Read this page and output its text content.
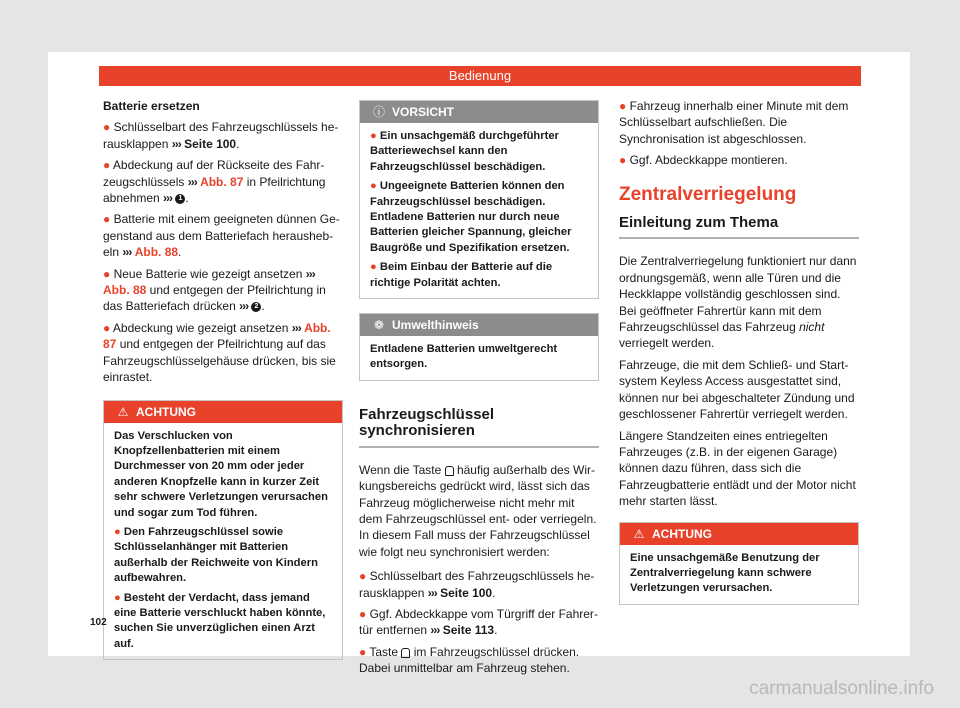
Bedienung

Batterie ersetzen

● Schlüsselbart des Fahrzeugschlüssels herausklappen ››› Seite 100.

● Abdeckung auf der Rückseite des Fahrzeugschlüssels ››› Abb. 87 in Pfeilrichtung abnehmen ››› 1 .

● Batterie mit einem geeigneten dünnen Gegenstand aus dem Batteriefach heraushebeln ››› Abb. 88.

● Neue Batterie wie gezeigt ansetzen ››› Abb. 88 und entgegen der Pfeilrichtung in das Batteriefach drücken ››› 2 .

● Abdeckung wie gezeigt ansetzen ››› Abb. 87 und entgegen der Pfeilrichtung auf das Fahrzeugschlüsselgehäuse drücken, bis sie einrastet.

⚠ ACHTUNG

Das Verschlucken von Knopfzellenbatterien mit einem Durchmesser von 20 mm oder jeder anderen Knopfzelle kann in kurzer Zeit sehr schwere Verletzungen verursachen und sogar zum Tod führen.

● Den Fahrzeugschlüssel sowie Schlüsselanhänger mit Batterien außerhalb der Reichweite von Kindern aufbewahren.

● Besteht der Verdacht, dass jemand eine Batterie verschluckt haben könnte, suchen Sie unverzüglichen einen Arzt auf.

ⓘ VORSICHT

● Ein unsachgemäß durchgeführter Batteriewechsel kann den Fahrzeugschlüssel beschädigen.

● Ungeeignete Batterien können den Fahrzeugschlüssel beschädigen. Entladene Batterien nur durch neue Batterien gleicher Spannung, gleicher Baugröße und Spezifikation ersetzen.

● Beim Einbau der Batterie auf die richtige Polarität achten.

❁ Umwelthinweis
Entladene Batterien umweltgerecht entsorgen.
Fahrzeugschlüssel synchronisieren

Wenn die Taste  häufig außerhalb des Wirkungsbereichs gedrückt wird, lässt sich das Fahrzeug möglicherweise nicht mehr mit dem Fahrzeugschlüssel ent- oder verriegeln. In diesem Fall muss der Fahrzeugschlüssel wie folgt neu synchronisiert werden:

● Schlüsselbart des Fahrzeugschlüssels herausklappen ››› Seite 100.

● Ggf. Abdeckkappe vom Türgriff der Fahrertür entfernen ››› Seite 113.

● Taste  im Fahrzeugschlüssel drücken. Dabei unmittelbar am Fahrzeug stehen.

● Fahrzeug innerhalb einer Minute mit dem Schlüsselbart aufschließen. Die Synchronisation ist abgeschlossen.

● Ggf. Abdeckkappe montieren.

Zentralverriegelung
Einleitung zum Thema

Die Zentralverriegelung funktioniert nur dann ordnungsgemäß, wenn alle Türen und die Heckklappe vollständig geschlossen sind. Bei geöffneter Fahrertür kann mit dem Fahrzeugschlüssel das Fahrzeug nicht verriegelt werden.

Fahrzeuge, die mit dem Schließ- und Startsystem Keyless Access ausgestattet sind, können nur bei abgeschalteter Zündung und geschlossener Fahrertür verriegelt werden.

Längere Standzeiten eines entriegelten Fahrzeuges (z.B. in der eigenen Garage) können dazu führen, dass sich die Fahrzeugbatterie entlädt und der Motor nicht mehr starten lässt.

⚠ ACHTUNG
Eine unsachgemäße Benutzung der Zentralverriegelung kann schwere Verletzungen verursachen.
102
carmanualsonline.info
